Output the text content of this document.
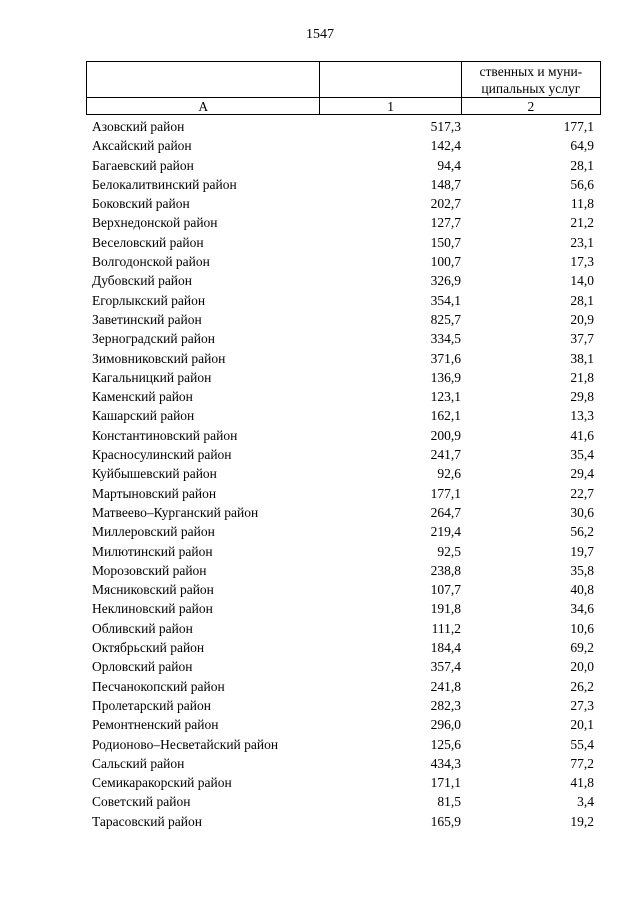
1547

		ственных и муни-
ципальных услуг

А	1	2
Азовский район	517,3	177,1
Аксайский район	142,4	64,9
Багаевский район	94,4	28,1
Белокалитвинский район	148,7	56,6
Боковский район	202,7	11,8
Верхнедонской район	127,7	21,2
Веселовский район	150,7	23,1
Волгодонской район	100,7	17,3
Дубовский район	326,9	14,0
Егорлыкский район	354,1	28,1
Заветинский район	825,7	20,9
Зерноградский район	334,5	37,7
Зимовниковский район	371,6	38,1
Кагальницкий район	136,9	21,8
Каменский район	123,1	29,8
Кашарский район	162,1	13,3
Константиновский район	200,9	41,6
Красносулинский район	241,7	35,4
Куйбышевский район	92,6	29,4
Мартыновский район	177,1	22,7
Матвеево–Курганский район	264,7	30,6
Миллеровский район	219,4	56,2
Милютинский район	92,5	19,7
Морозовский район	238,8	35,8
Мясниковский район	107,7	40,8
Неклиновский район	191,8	34,6
Обливский район	111,2	10,6
Октябрьский район	184,4	69,2
Орловский район	357,4	20,0
Песчанокопский район	241,8	26,2
Пролетарский район	282,3	27,3
Ремонтненский район	296,0	20,1
Родионово–Несветайский район	125,6	55,4
Сальский район	434,3	77,2
Семикаракорский район	171,1	41,8
Советский район	81,5	3,4
Тарасовский район	165,9	19,2
